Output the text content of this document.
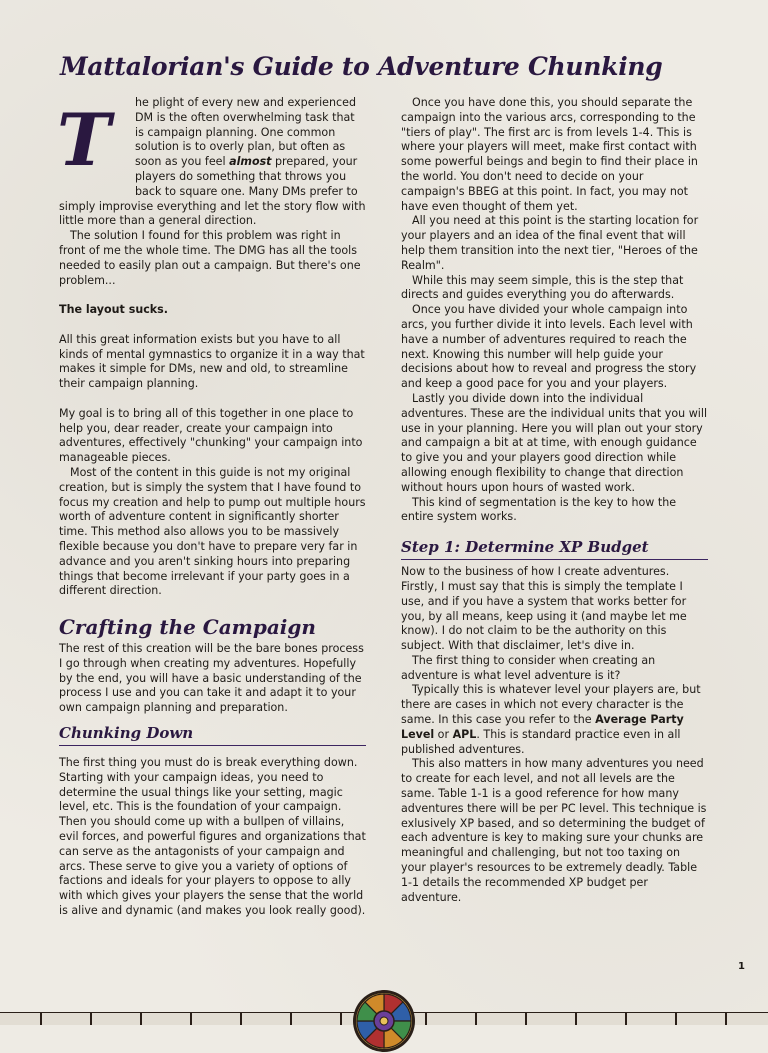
Mattalorian's Guide to Adventure Chunking

T	he plight of every new and experienced DM is the often overwhelming task that is campaign planning. One common solution is to overly plan, but often as soon as you feel almost prepared, your players do something that throws you back to square one. Many DMs prefer to simply improvise everything and let the story flow with little more than a general direction.

The solution I found for this problem was right in front of me the whole time. The DMG has all the tools needed to easily plan out a campaign. But there's one problem...

The layout sucks.

All this great information exists but you have to all kinds of mental gymnastics to organize it in a way that makes it simple for DMs, new and old, to streamline their campaign planning.

My goal is to bring all of this together in one place to help you, dear reader, create your campaign into adventures, effectively "chunking" your campaign into manageable pieces.

Most of the content in this guide is not my original creation, but is simply the system that I have found to focus my creation and help to pump out multiple hours worth of adventure content in significantly shorter time. This method also allows you to be massively flexible because you don't have to prepare very far in advance and you aren't sinking hours into preparing things that become irrelevant if your party goes in a different direction.

Crafting the Campaign

The rest of this creation will be the bare bones process I go through when creating my adventures. Hopefully by the end, you will have a basic understanding of the process I use and you can take it and adapt it to your own campaign planning and preparation.

Chunking Down

The first thing you must do is break everything down. Starting with your campaign ideas, you need to determine the usual things like your setting, magic level, etc. This is the foundation of your campaign. Then you should come up with a bullpen of villains, evil forces, and powerful figures and organizations that can serve as the antagonists of your campaign and arcs. These serve to give you a variety of options of factions and ideals for your players to oppose to ally with which gives your players the sense that the world is alive and dynamic (and makes you look really good).

Once you have done this, you should separate the campaign into the various arcs, corresponding to the "tiers of play". The first arc is from levels 1-4. This is where your players will meet, make first contact with some powerful beings and begin to find their place in the world. You don't need to decide on your campaign's BBEG at this point. In fact, you may not have even thought of them yet.

All you need at this point is the starting location for your players and an idea of the final event that will help them transition into the next tier, "Heroes of the Realm".

While this may seem simple, this is the step that directs and guides everything you do afterwards.

Once you have divided your whole campaign into arcs, you further divide it into levels. Each level with have a number of adventures required to reach the next. Knowing this number will help guide your decisions about how to reveal and progress the story and keep a good pace for you and your players.

Lastly you divide down into the individual adventures. These are the individual units that you will use in your planning. Here you will plan out your story and campaign a bit at at time, with enough guidance to give you and your players good direction while allowing enough flexibility to change that direction without hours upon hours of wasted work.

This kind of segmentation is the key to how the entire system works.

Step 1: Determine XP Budget

Now to the business of how I create adventures. Firstly, I must say that this is simply the template I use, and if you have a system that works better for you, by all means, keep using it (and maybe let me know). I do not claim to be the authority on this subject. With that disclaimer, let's dive in.

The first thing to consider when creating an adventure is what level adventure is it?

Typically this is whatever level your players are, but there are cases in which not every character is the same. In this case you refer to the Average Party Level or APL. This is standard practice even in all published adventures.

This also matters in how many adventures you need to create for each level, and not all levels are the same. Table 1-1 is a good reference for how many adventures there will be per PC level. This technique is exlusively XP based, and so determining the budget of each adventure is key to making sure your chunks are meaningful and challenging, but not too taxing on your player's resources to be extremely deadly. Table 1-1 details the recommended XP budget per adventure.

1
